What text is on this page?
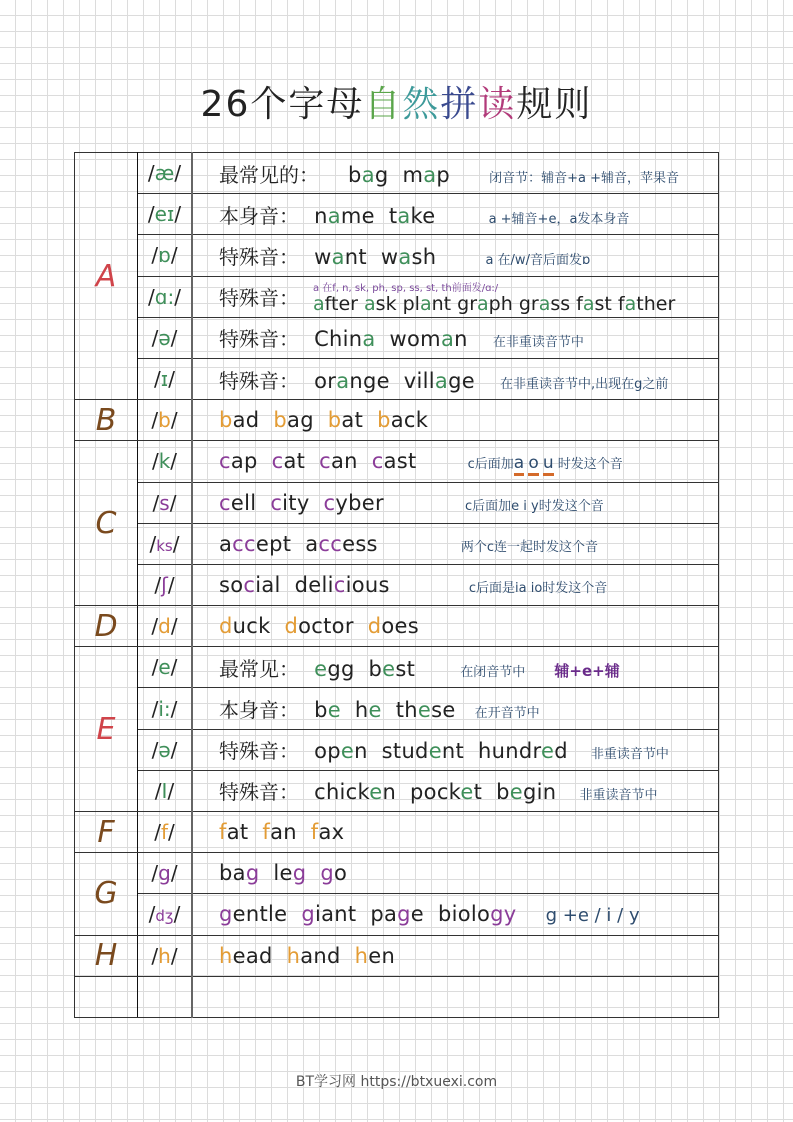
26个字母自然拼读规则
A	/æ/	最常见的：   bag  map 闭音节：辅音+a +辅音，苹果音
	/eɪ/	本身音： name  take a +辅音+e，a发本身音
	/ɒ/	特殊音： want  wash a 在/w/音后面发ɒ
	/ɑ:/	特殊音： a 在f, n, sk, ph, sp, ss, st, th前面发/ɑ:/
after ask plant graph grass fast father

	/ə/	特殊音： China  woman 在非重读音节中
	/ɪ/	特殊音： orange  village 在非重读音节中,出现在g之前
B	/b/	bad  bag  bat  back
C	/k/	cap  cat  can  cast c后面加a o u 时发这个音
	/s/	cell  city  cyber c后面加e i y时发这个音
	/ks/	accept  access 两个c连一起时发这个音
	/ʃ/	social  delicious c后面是ia io时发这个音
D	/d/	duck  doctor  does
E	/e/	最常见： egg  best 在闭音节中 辅+e+辅
	/i:/	本身音： be  he  these 在开音节中
	/ə/	特殊音： open  student  hundred 非重读音节中
	/I/	特殊音： chicken  pocket  begin 非重读音节中
F	/f/	fat  fan  fax
G	/g/	bag  leg go
	/dʒ/	gentle  giant  page  biology g +e / i / y
H	/h/	head  hand  hen

BT学习网 https://btxuexi.com
